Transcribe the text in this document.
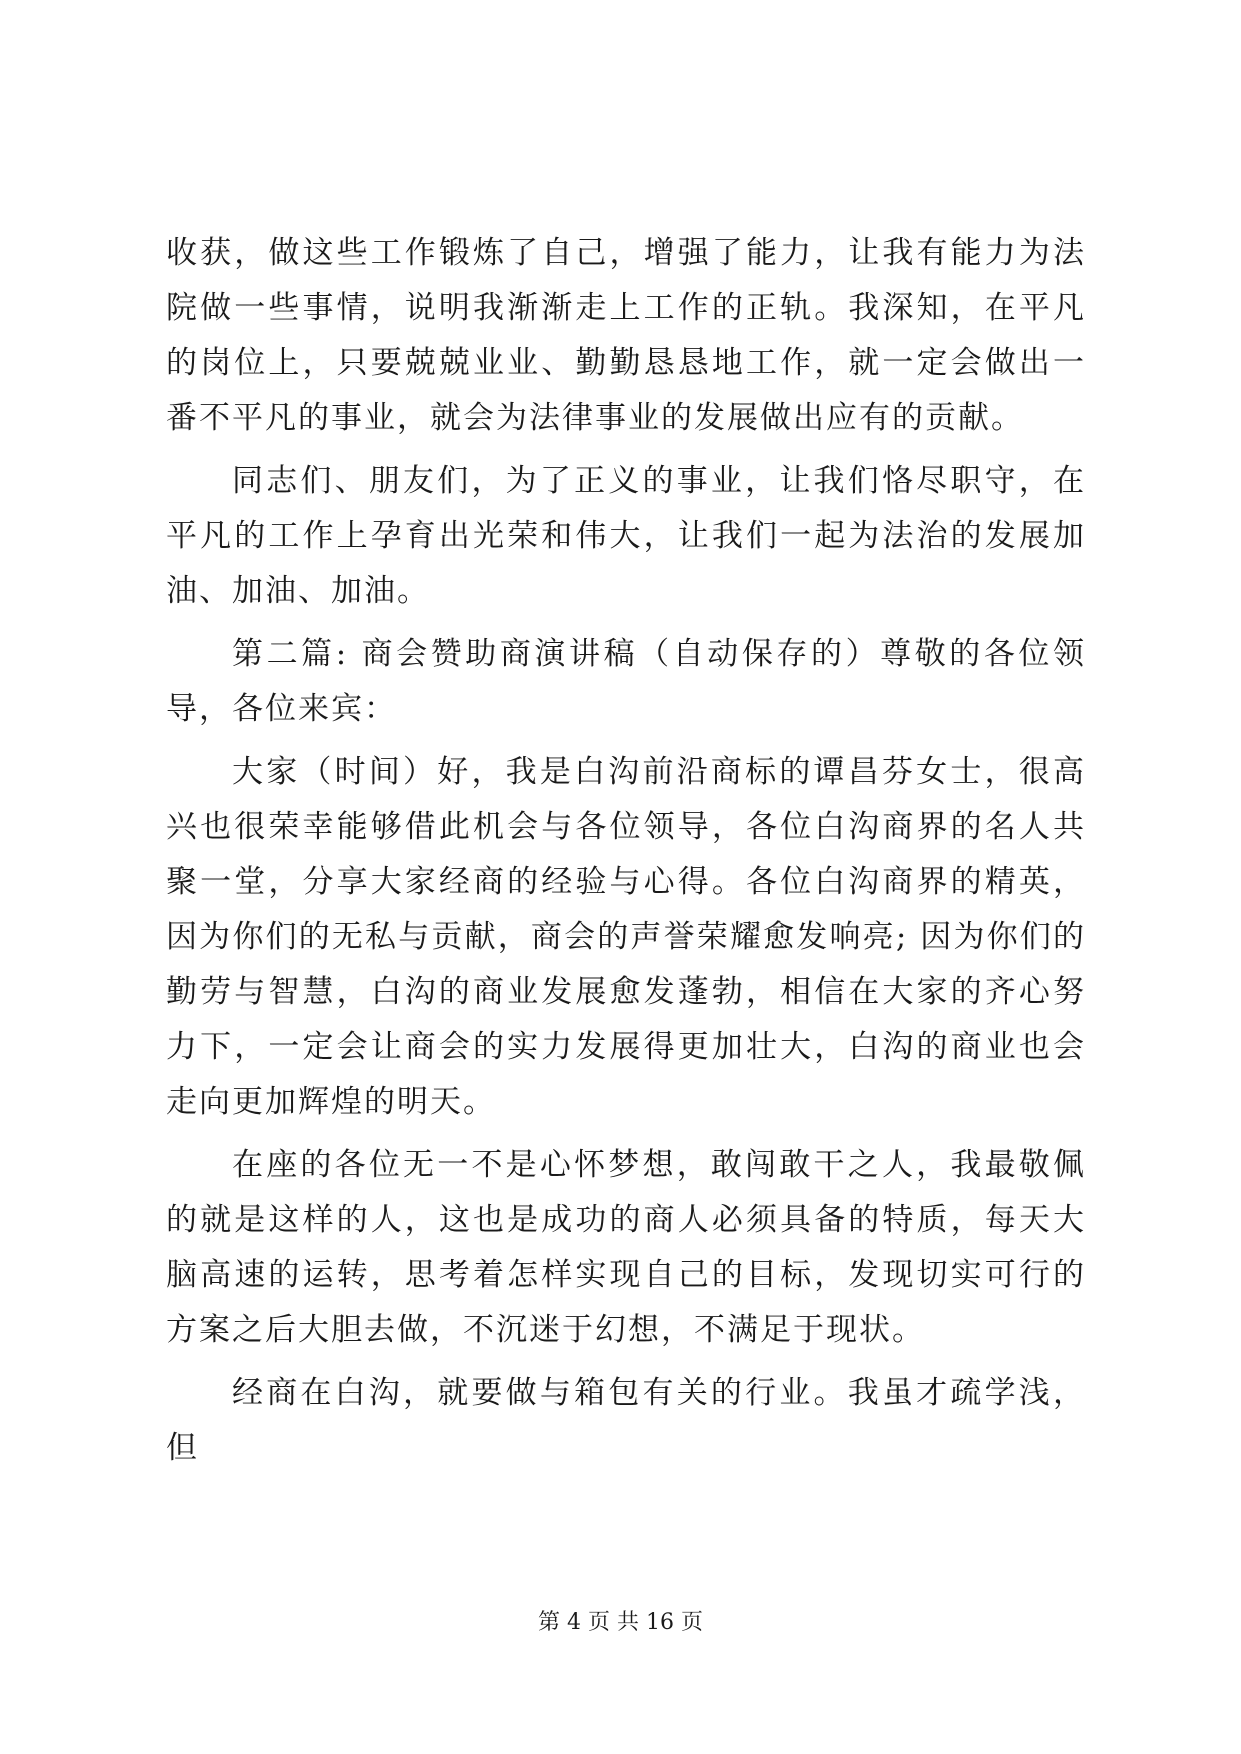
收获，做这些工作锻炼了自己，增强了能力，让我有能力为法院做一些事情，说明我渐渐走上工作的正轨。我深知，在平凡的岗位上，只要兢兢业业、勤勤恳恳地工作，就一定会做出一番不平凡的事业，就会为法律事业的发展做出应有的贡献。

同志们、朋友们，为了正义的事业，让我们恪尽职守，在平凡的工作上孕育出光荣和伟大，让我们一起为法治的发展加油、加油、加油。

第二篇: 商会赞助商演讲稿（自动保存的）尊敬的各位领导，各位来宾：

大家（时间）好，我是白沟前沿商标的谭昌芬女士，很高兴也很荣幸能够借此机会与各位领导，各位白沟商界的名人共聚一堂，分享大家经商的经验与心得。各位白沟商界的精英，因为你们的无私与贡献，商会的声誉荣耀愈发响亮; 因为你们的勤劳与智慧，白沟的商业发展愈发蓬勃，相信在大家的齐心努力下，一定会让商会的实力发展得更加壮大，白沟的商业也会走向更加辉煌的明天。

在座的各位无一不是心怀梦想，敢闯敢干之人，我最敬佩的就是这样的人，这也是成功的商人必须具备的特质，每天大脑高速的运转，思考着怎样实现自己的目标，发现切实可行的方案之后大胆去做，不沉迷于幻想，不满足于现状。

经商在白沟，就要做与箱包有关的行业。我虽才疏学浅，但

第 4 页 共 16 页
